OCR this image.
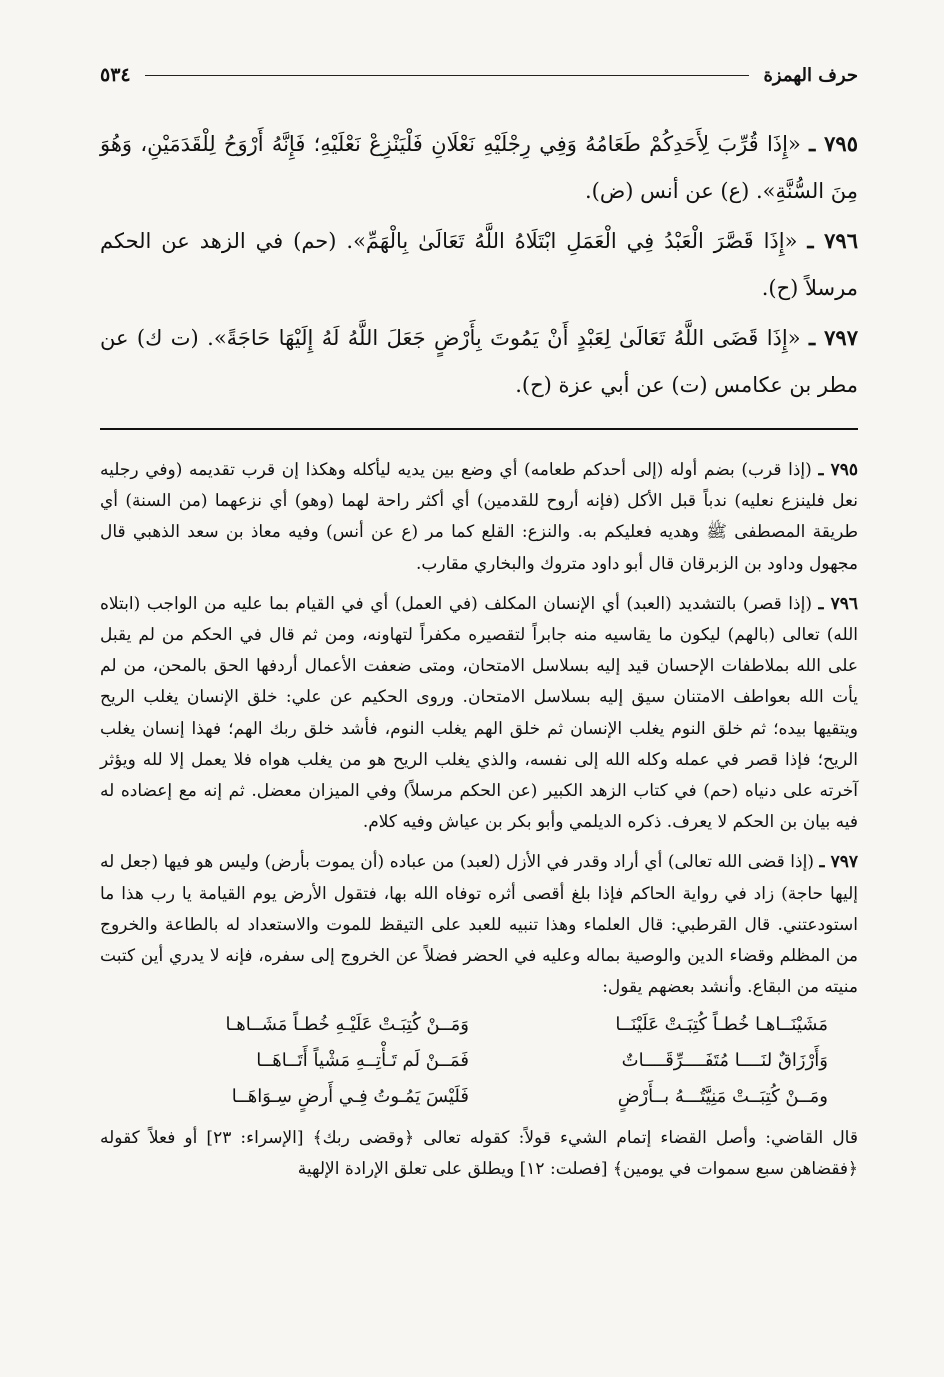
حرف الهمزة
٥٣٤

٧٩٥ ـ «إِذَا قُرِّبَ لِأَحَدِكُمْ طَعَامُهُ وَفِي رِجْلَيْهِ نَعْلَانِ فَلْيَنْزِعْ نَعْلَيْهِ؛ فَإِنَّهُ أَرْوَحُ لِلْقَدَمَيْنِ، وَهُوَ مِنَ السُّنَّةِ». (ع) عن أنس (ض).

٧٩٦ ـ «إِذَا قَصَّرَ الْعَبْدُ فِي الْعَمَلِ ابْتَلَاهُ اللَّهُ تَعَالَىٰ بِالْهَمِّ». (حم) في الزهد عن الحكم مرسلاً (ح).

٧٩٧ ـ «إِذَا قَضَى اللَّهُ تَعَالَىٰ لِعَبْدٍ أَنْ يَمُوتَ بِأَرْضٍ جَعَلَ اللَّهُ لَهُ إِلَيْهَا حَاجَةً». (ت ك) عن مطر بن عكامس (ت) عن أبي عزة (ح).

٧٩٥ ـ (إذا قرب) بضم أوله (إلى أحدكم طعامه) أي وضع بين يديه ليأكله وهكذا إن قرب تقديمه (وفي رجليه نعل فلينزع نعليه) ندباً قبل الأكل (فإنه أروح للقدمين) أي أكثر راحة لهما (وهو) أي نزعهما (من السنة) أي طريقة المصطفى ﷺ وهديه فعليكم به. والنزع: القلع كما مر (ع عن أنس) وفيه معاذ بن سعد الذهبي قال مجهول وداود بن الزبرقان قال أبو داود متروك والبخاري مقارب.

٧٩٦ ـ (إذا قصر) بالتشديد (العبد) أي الإنسان المكلف (في العمل) أي في القيام بما عليه من الواجب (ابتلاه الله) تعالى (بالهم) ليكون ما يقاسيه منه جابراً لتقصيره مكفراً لتهاونه، ومن ثم قال في الحكم من لم يقبل على الله بملاطفات الإحسان قيد إليه بسلاسل الامتحان، ومتى ضعفت الأعمال أردفها الحق بالمحن، من لم يأت الله بعواطف الامتنان سيق إليه بسلاسل الامتحان. وروى الحكيم عن علي: خلق الإنسان يغلب الريح ويتقيها بيده؛ ثم خلق النوم يغلب الإنسان ثم خلق الهم يغلب النوم، فأشد خلق ربك الهم؛ فهذا إنسان يغلب الريح؛ فإذا قصر في عمله وكله الله إلى نفسه، والذي يغلب الريح هو من يغلب هواه فلا يعمل إلا لله ويؤثر آخرته على دنياه (حم) في كتاب الزهد الكبير (عن الحكم مرسلاً) وفي الميزان معضل. ثم إنه مع إعضاده له فيه بيان بن الحكم لا يعرف. ذكره الديلمي وأبو بكر بن عياش وفيه كلام.

٧٩٧ ـ (إذا قضى الله تعالى) أي أراد وقدر في الأزل (لعبد) من عباده (أن يموت بأرض) وليس هو فيها (جعل له إليها حاجة) زاد في رواية الحاكم فإذا بلغ أقصى أثره توفاه الله بها، فتقول الأرض يوم القيامة يا رب هذا ما استودعتني. قال القرطبي: قال العلماء وهذا تنبيه للعبد على التيقظ للموت والاستعداد له بالطاعة والخروج من المظلم وقضاء الدين والوصية بماله وعليه في الحضر فضلاً عن الخروج إلى سفره، فإنه لا يدري أين كتبت منيته من البقاع. وأنشد بعضهم يقول:

مَشَيْنَــاهـا خُطـاً كُتِبَـتْ عَلَيْنَــا
وَمَــنْ كُتِبَـتْ عَلَيْـهِ خُطـاً مَشَــاهـا
وَأَرْزَاقٌ لنَــــا مُتَفَــــرِّقَــــاتٌ
فَمَــنْ لَم تَـأْتِــهِ مَشْياً أَتَــاهَــا
ومَــنْ كُتِبَــتْ مَنِيَّتُـــهُ بــأَرْضٍ
فَلَيْسَ يَمُـوتُ فِـي أَرضٍ سِـوَاهَــا

قال القاضي: وأصل القضاء إتمام الشيء قولاً: كقوله تعالى ﴿وقضى ربك﴾ [الإسراء: ٢٣] أو فعلاً كقوله ﴿فقضاهن سبع سموات في يومين﴾ [فصلت: ١٢] ويطلق على تعلق الإرادة الإلهية
